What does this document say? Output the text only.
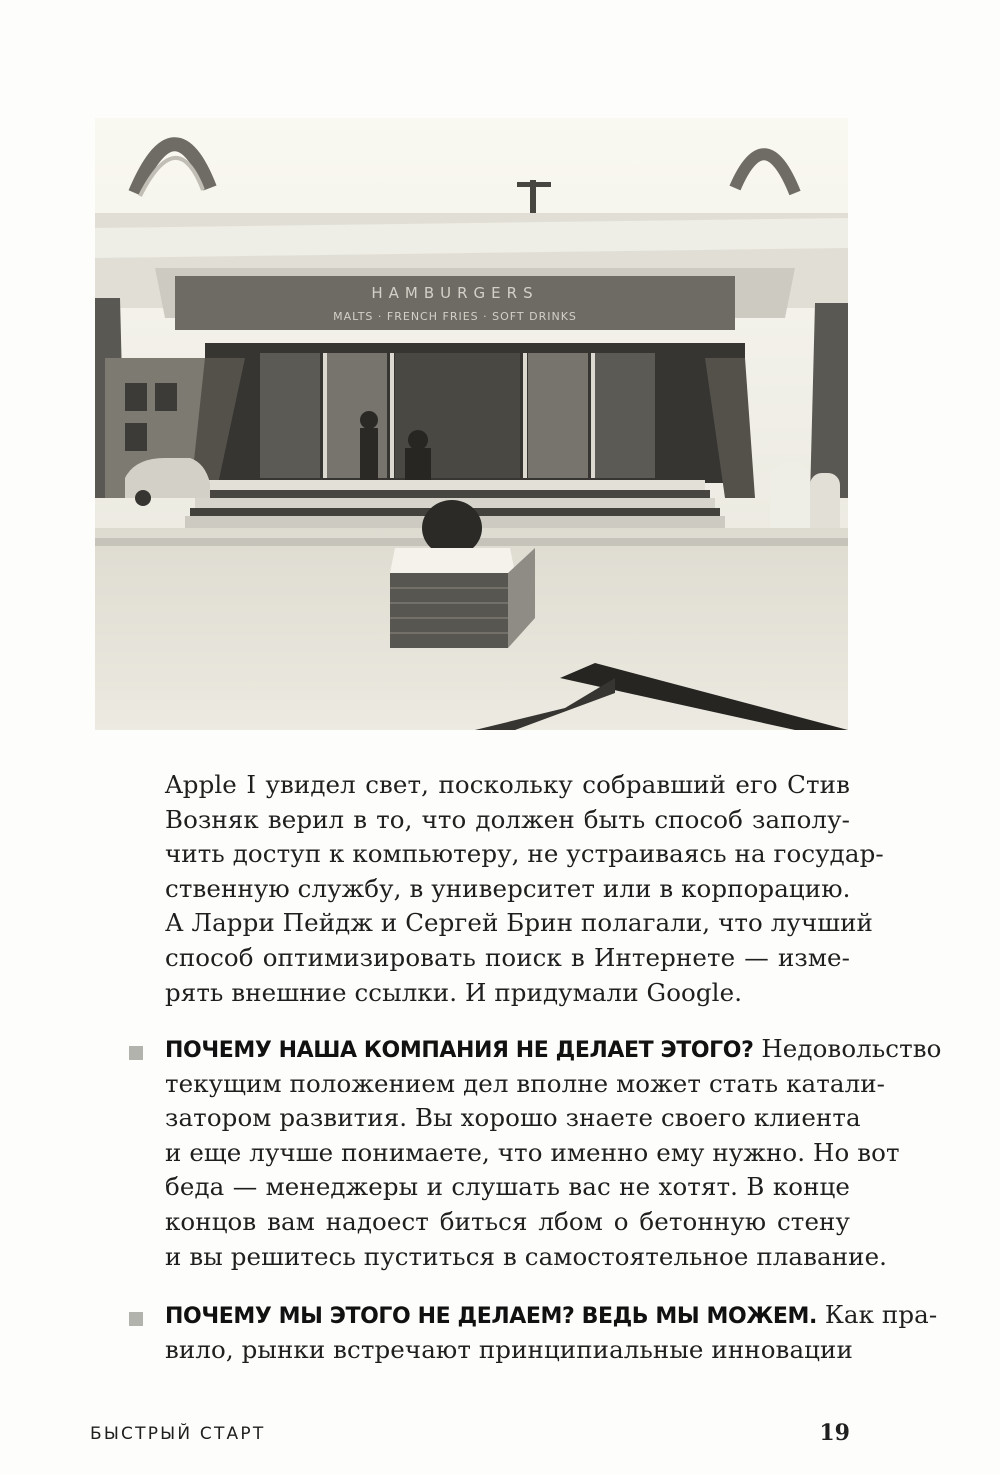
HAMBURGERS
MALTS · FRENCH FRIES · SOFT DRINKS
Apple I увидел свет, поскольку собравший его Стив
Возняк верил в то, что должен быть способ заполу-
чить доступ к компьютеру, не устраиваясь на государ-
ственную службу, в университет или в корпорацию.
А Ларри Пейдж и Сергей Брин полагали, что лучший
способ оптимизировать поиск в Интернете — изме-
рять внешние ссылки. И придумали Google.
ПОЧЕМУ НАША КОМПАНИЯ НЕ ДЕЛАЕТ ЭТОГО? Недовольство
текущим положением дел вполне может стать катали-
затором развития. Вы хорошо знаете своего клиента
и еще лучше понимаете, что именно ему нужно. Но вот
беда — менеджеры и слушать вас не хотят. В конце
концов вам надоест биться лбом о бетонную стену
и вы решитесь пуститься в самостоятельное плавание.
ПОЧЕМУ МЫ ЭТОГО НЕ ДЕЛАЕМ? ВЕДЬ МЫ МОЖЕМ. Как пра-
вило, рынки встречают принципиальные инновации
БЫСТРЫЙ СТАРТ	19
